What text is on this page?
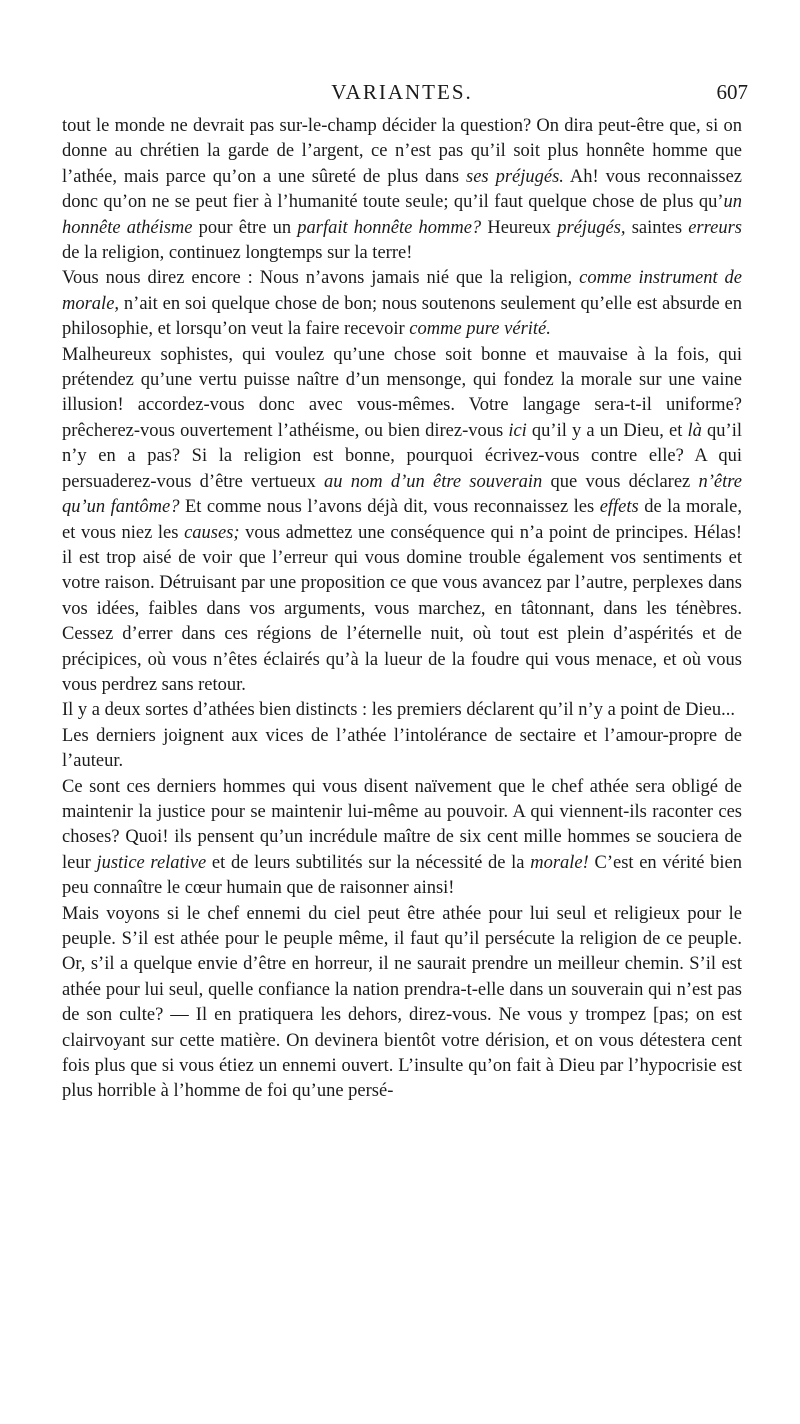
VARIANTES.	607

tout le monde ne devrait pas sur-le-champ décider la question? On dira peut-être que, si on donne au chrétien la garde de l’argent, ce n’est pas qu’il soit plus honnête homme que l’athée, mais parce qu’on a une sûreté de plus dans ses préjugés. Ah! vous reconnaissez donc qu’on ne se peut fier à l’humanité toute seule; qu’il faut quelque chose de plus qu’un honnête athéisme pour être un parfait honnête homme? Heureux préjugés, saintes erreurs de la religion, continuez longtemps sur la terre!

Vous nous direz encore : Nous n’avons jamais nié que la religion, comme instrument de morale, n’ait en soi quelque chose de bon; nous soutenons seulement qu’elle est absurde en philosophie, et lorsqu’on veut la faire recevoir comme pure vérité.

Malheureux sophistes, qui voulez qu’une chose soit bonne et mauvaise à la fois, qui prétendez qu’une vertu puisse naître d’un mensonge, qui fondez la morale sur une vaine illusion! accordez-vous donc avec vous-mêmes. Votre langage sera-t-il uniforme? prêcherez-vous ouvertement l’athéisme, ou bien direz-vous ici qu’il y a un Dieu, et là qu’il n’y en a pas? Si la religion est bonne, pourquoi écrivez-vous contre elle? A qui persuaderez-vous d’être vertueux au nom d’un être souverain que vous déclarez n’être qu’un fantôme? Et comme nous l’avons déjà dit, vous reconnaissez les effets de la morale, et vous niez les causes; vous admettez une conséquence qui n’a point de principes. Hélas! il est trop aisé de voir que l’erreur qui vous domine trouble également vos sentiments et votre raison. Détruisant par une proposition ce que vous avancez par l’autre, perplexes dans vos idées, faibles dans vos arguments, vous marchez, en tâtonnant, dans les ténèbres. Cessez d’errer dans ces régions de l’éternelle nuit, où tout est plein d’aspérités et de précipices, où vous n’êtes éclairés qu’à la lueur de la foudre qui vous menace, et où vous vous perdrez sans retour.

Il y a deux sortes d’athées bien distincts : les premiers déclarent qu’il n’y a point de Dieu...

Les derniers joignent aux vices de l’athée l’intolérance de sectaire et l’amour-propre de l’auteur.

Ce sont ces derniers hommes qui vous disent naïvement que le chef athée sera obligé de maintenir la justice pour se maintenir lui-même au pouvoir. A qui viennent-ils raconter ces choses? Quoi! ils pensent qu’un incrédule maître de six cent mille hommes se souciera de leur justice relative et de leurs subtilités sur la nécessité de la morale! C’est en vérité bien peu connaître le cœur humain que de raisonner ainsi!

Mais voyons si le chef ennemi du ciel peut être athée pour lui seul et religieux pour le peuple. S’il est athée pour le peuple même, il faut qu’il persécute la religion de ce peuple. Or, s’il a quelque envie d’être en horreur, il ne saurait prendre un meilleur chemin. S’il est athée pour lui seul, quelle confiance la nation prendra-t-elle dans un souverain qui n’est pas de son culte? — Il en pratiquera les dehors, direz-vous. Ne vous y trompez [pas; on est clairvoyant sur cette matière. On devinera bientôt votre dérision, et on vous détestera cent fois plus que si vous étiez un ennemi ouvert. L’insulte qu’on fait à Dieu par l’hypocrisie est plus horrible à l’homme de foi qu’une persé-
